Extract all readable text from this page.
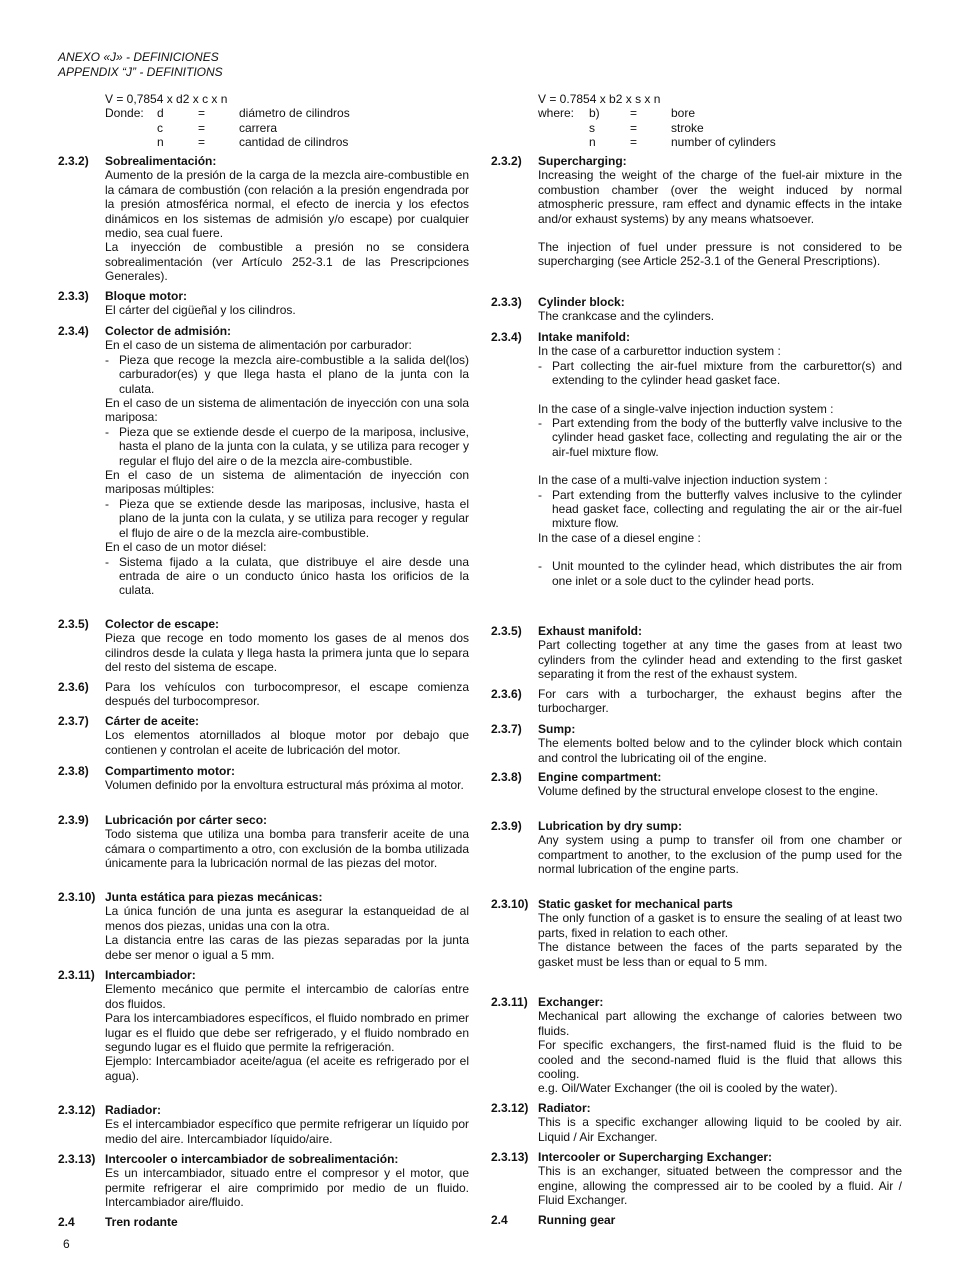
ANEXO «J» - DEFINICIONES
APPENDIX “J” - DEFINITIONS
V = 0,7854 x d2 x c x n
Donde: d	=	diámetro de cilindros
c	=	carrera
n	=	cantidad de cilindros
2.3.2) Sobrealimentación:

Aumento de la presión de la carga de la mezcla aire-combustible en la cámara de combustión (con relación a la presión engendrada por la presión atmosférica normal, el efecto de inercia y los efectos dinámicos en los sistemas de admisión y/o escape) por cualquier medio, sea cual fuere.

La inyección de combustible a presión no se considera sobrealimentación (ver Artículo 252-3.1 de las Prescripciones Generales).

2.3.3) Bloque motor:

El cárter del cigüeñal y los cilindros.

2.3.4) Colector de admisión:

En el caso de un sistema de alimentación por carburador:

- Pieza que recoge la mezcla aire-combustible a la salida del(los) carburador(es) y que llega hasta el plano de la junta con la culata.

En el caso de un sistema de alimentación de inyección con una sola mariposa:

- Pieza que se extiende desde el cuerpo de la mariposa, inclusive, hasta el plano de la junta con la culata, y se utiliza para recoger y regular el flujo del aire o de la mezcla aire-combustible.

En el caso de un sistema de alimentación de inyección con mariposas múltiples:

- Pieza que se extiende desde las mariposas, inclusive, hasta el plano de la junta con la culata, y se utiliza para recoger y regular el flujo de aire o de la mezcla aire-combustible.

En el caso de un motor diésel:

- Sistema fijado a la culata, que distribuye el aire desde una entrada de aire o un conducto único hasta los orificios de la culata.

2.3.5) Colector de escape:

Pieza que recoge en todo momento los gases de al menos dos cilindros desde la culata y llega hasta la primera junta que lo separa del resto del sistema de escape.

2.3.6) Para los vehículos con turbocompresor, el escape comienza después del turbocompresor.

2.3.7) Cárter de aceite:

Los elementos atornillados al bloque motor por debajo que contienen y controlan el aceite de lubricación del motor.

2.3.8) Compartimento motor:

Volumen definido por la envoltura estructural más próxima al motor.

2.3.9) Lubricación por cárter seco:

Todo sistema que utiliza una bomba para transferir aceite de una cámara o compartimento a otro, con exclusión de la bomba utilizada únicamente para la lubricación normal de las piezas del motor.

2.3.10) Junta estática para piezas mecánicas:

La única función de una junta es asegurar la estanqueidad de al menos dos piezas, unidas una con la otra.

La distancia entre las caras de las piezas separadas por la junta debe ser menor o igual a 5 mm.

2.3.11) Intercambiador:

Elemento mecánico que permite el intercambio de calorías entre dos fluidos.

Para los intercambiadores específicos, el fluido nombrado en primer lugar es el fluido que debe ser refrigerado, y el fluido nombrado en segundo lugar es el fluido que permite la refrigeración.

Ejemplo: Intercambiador aceite/agua (el aceite es refrigerado por el agua).

2.3.12) Radiador:

Es el intercambiador específico que permite refrigerar un líquido por medio del aire. Intercambiador líquido/aire.

2.3.13) Intercooler o intercambiador de sobrealimentación:

Es un intercambiador, situado entre el compresor y el motor, que permite refrigerar el aire comprimido por medio de un fluido. Intercambiador aire/fluido.

2.4	Tren rodante

V = 0.7854 x b2 x s x n
where: b)	=	bore
s	=	stroke
n	=	number of cylinders
2.3.2) Supercharging:

Increasing the weight of the charge of the fuel-air mixture in the combustion chamber (over the weight induced by normal atmospheric pressure, ram effect and dynamic effects in the intake and/or exhaust systems) by any means whatsoever.

The injection of fuel under pressure is not considered to be supercharging (see Article 252-3.1 of the General Prescriptions).

2.3.3) Cylinder block:

The crankcase and the cylinders.

2.3.4) Intake manifold:

In the case of a carburettor induction system :

- Part collecting the air-fuel mixture from the carburettor(s) and extending to the cylinder head gasket face.

In the case of a single-valve injection induction system :

- Part extending from the body of the butterfly valve inclusive to the cylinder head gasket face, collecting and regulating the air or the air-fuel mixture flow.

In the case of a multi-valve injection induction system :

- Part extending from the butterfly valves inclusive to the cylinder head gasket face, collecting and regulating the air or the air-fuel mixture flow.

In the case of a diesel engine :

- Unit mounted to the cylinder head, which distributes the air from one inlet or a sole duct to the cylinder head ports.

2.3.5) Exhaust manifold:

Part collecting together at any time the gases from at least two cylinders from the cylinder head and extending to the first gasket separating it from the rest of the exhaust system.

2.3.6) For cars with a turbocharger, the exhaust begins after the turbocharger.

2.3.7) Sump:

The elements bolted below and to the cylinder block which contain and control the lubricating oil of the engine.

2.3.8) Engine compartment:

Volume defined by the structural envelope closest to the engine.

2.3.9) Lubrication by dry sump:

Any system using a pump to transfer oil from one chamber or compartment to another, to the exclusion of the pump used for the normal lubrication of the engine parts.

2.3.10) Static gasket for mechanical parts

The only function of a gasket is to ensure the sealing of at least two parts, fixed in relation to each other.

The distance between the faces of the parts separated by the gasket must be less than or equal to 5 mm.

2.3.11) Exchanger:

Mechanical part allowing the exchange of calories between two fluids.

For specific exchangers, the first-named fluid is the fluid to be cooled and the second-named fluid is the fluid that allows this cooling.

e.g. Oil/Water Exchanger (the oil is cooled by the water).

2.3.12) Radiator:

This is a specific exchanger allowing liquid to be cooled by air. Liquid / Air Exchanger.

2.3.13) Intercooler or Supercharging Exchanger:

This is an exchanger, situated between the compressor and the engine, allowing the compressed air to be cooled by a fluid. Air / Fluid Exchanger.

2.4	Running gear

6
